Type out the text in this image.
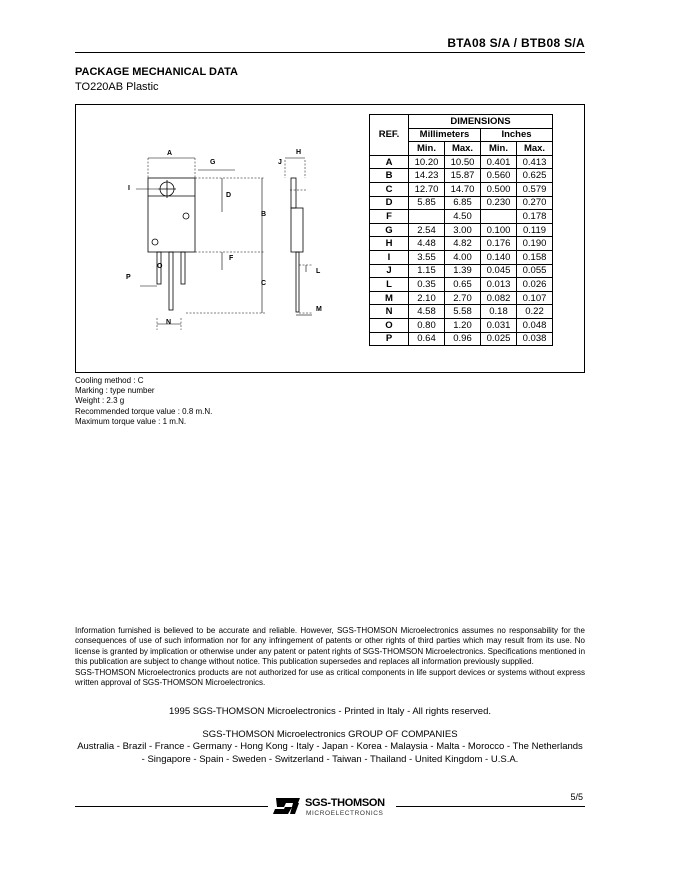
BTA08 S/A / BTB08 S/A
PACKAGE MECHANICAL DATA
TO220AB Plastic
A
G
H
J
I
D
B
O
F
P
C
L
M
N
REF.	DIMENSIONS			
	Millimeters		Inches	
	Min.	Max.	Min.	Max.
A	10.20	10.50	0.401	0.413
B	14.23	15.87	0.560	0.625
C	12.70	14.70	0.500	0.579
D	5.85	6.85	0.230	0.270
F		4.50		0.178
G	2.54	3.00	0.100	0.119
H	4.48	4.82	0.176	0.190
I	3.55	4.00	0.140	0.158
J	1.15	1.39	0.045	0.055
L	0.35	0.65	0.013	0.026
M	2.10	2.70	0.082	0.107
N	4.58	5.58	0.18	0.22
O	0.80	1.20	0.031	0.048
P	0.64	0.96	0.025	0.038
Cooling method : C
Marking : type number
Weight : 2.3 g
Recommended torque value : 0.8 m.N.
Maximum torque value : 1 m.N.

Information furnished is believed to be accurate and reliable. However, SGS-THOMSON Microelectronics assumes no responsability for the consequences of use of such information nor for any infringement of patents or other rights of third parties which may result from its use. No license is granted by implication or otherwise under any patent or patent rights of SGS-THOMSON Microelectronics. Specifications mentioned in this publication are subject to change without notice. This publication supersedes and replaces all information previously supplied.

SGS-THOMSON Microelectronics products are not authorized for use as critical components in life support devices or systems without express written approval of SGS-THOMSON Microelectronics.

1995 SGS-THOMSON Microelectronics - Printed in Italy - All rights reserved.
SGS-THOMSON Microelectronics GROUP OF COMPANIES
Australia - Brazil - France - Germany - Hong Kong - Italy - Japan - Korea - Malaysia - Malta - Morocco - The Netherlands - Singapore - Spain - Sweden - Switzerland - Taiwan - Thailand - United Kingdom - U.S.A.
5/5
SGS-THOMSON
MICROELECTRONICS
